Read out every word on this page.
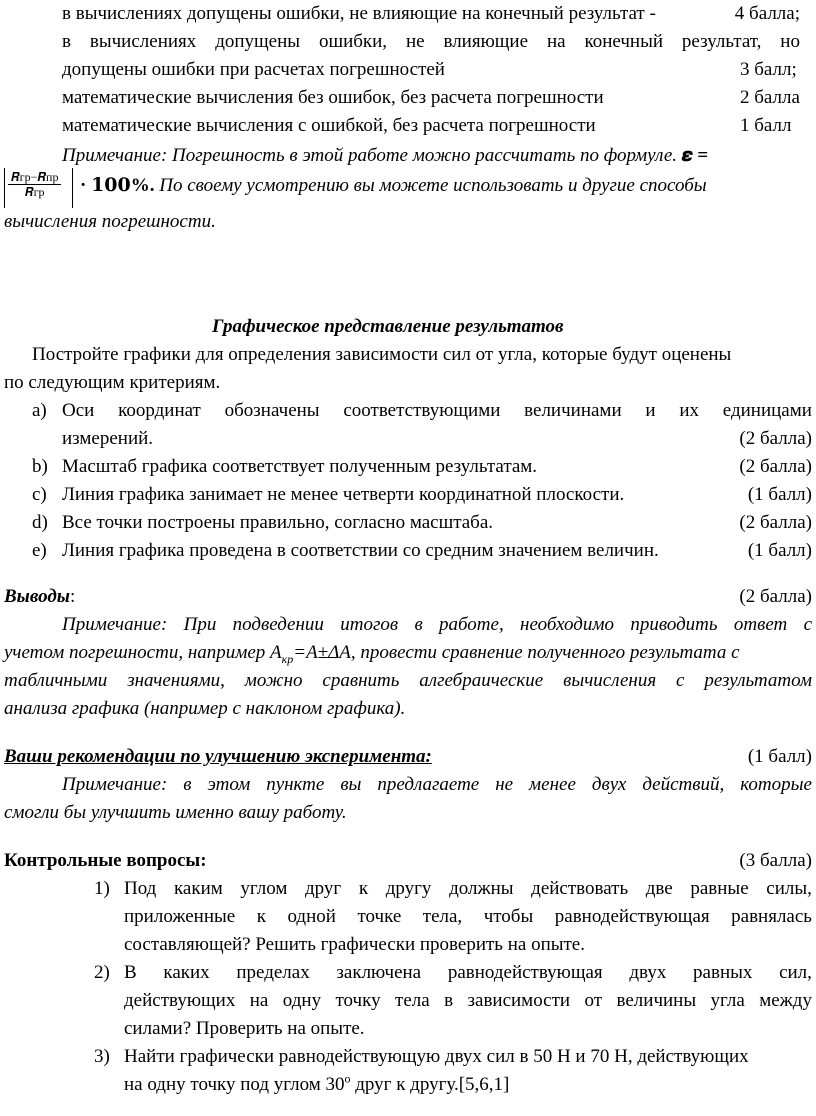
в вычислениях допущены ошибки, не влияющие на конечный результат -	4 балла;
в вычислениях допущены ошибки, не влияющие на конечный результат, но
допущены ошибки при расчетах погрешностей	3 балл;
математические вычисления без ошибок, без расчета погрешности	2 балла
математические вычисления с ошибкой, без расчета погрешности	1 балл
Примечание: Погрешность в этой работе можно рассчитать по формуле. 𝜺 =
𝑹гр−𝑹пр
𝑹гр	· 𝟏𝟎𝟎%. По своему усмотрению вы можете использовать и другие способы
вычисления погрешности.
Графическое представление результатов
Постройте графики для определения зависимости сил от угла, которые будут оценены
по следующим критериям.
a) Оси координат обозначены соответствующими величинами и их единицами
измерений.	(2 балла)
b) Масштаб графика соответствует полученным результатам.	(2 балла)
c) Линия графика занимает не менее четверти координатной плоскости.	(1 балл)
d) Все точки построены правильно, согласно масштаба.	(2 балла)
e) Линия графика проведена в соответствии со средним значением величин.	(1 балл)
Выводы:	(2 балла)
Примечание: При подведении итогов в работе, необходимо приводить ответ с
учетом погрешности, например $А_{кр}=А\pm\Delta А$, провести сравнение полученного результата с
табличными значениями, можно сравнить алгебраические вычисления с результатом
анализа графика (например с наклоном графика).
Ваши рекомендации по улучшению эксперимента:	(1 балл)
Примечание: в этом пункте вы предлагаете не менее двух действий, которые
смогли бы улучшить именно вашу работу.
Контрольные вопросы:	(3 балла)
1) Под каким углом друг к другу должны действовать две равные силы,
приложенные к одной точке тела, чтобы равнодействующая равнялась
составляющей? Решить графически проверить на опыте.
2) В каких пределах заключена равнодействующая двух равных сил,
действующих на одну точку тела в зависимости от величины угла между
силами? Проверить на опыте.
3) Найти графически равнодействующую двух сил в 50 Н и 70 Н, действующих
на одну точку под углом $30^о$ друг к другу.[5,6,1]
